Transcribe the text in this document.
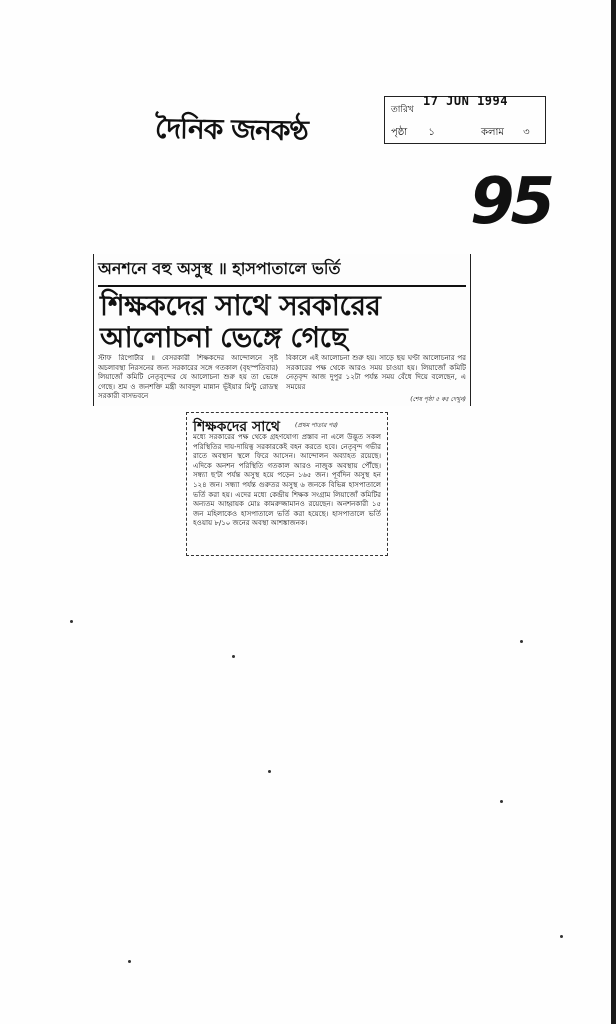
দৈনিক জনকণ্ঠ
তারিখ
17 JUN 1994
পৃষ্ঠা ১	কলাম ৩
95
অনশনে বহু অসুস্থ ॥ হাসপাতালে ভর্তি
শিক্ষকদের সাথে সরকারের
আলোচনা ভেঙ্গে গেছে
স্টাফ রিপোর্টার ॥ বেসরকারী শিক্ষকদের আন্দোলনে সৃষ্ট অচলাবস্থা নিরসনের জন্য সরকারের সঙ্গে গতকাল (বৃহস্পতিবার) লিয়াজোঁ কমিটি নেতৃবৃন্দের যে আলোচনা শুরু হয় তা ভেঙ্গে গেছে। শ্রম ও জনশক্তি মন্ত্রী আবদুল মান্নান ভূঁইয়ার মিন্টু রোডস্থ সরকারী বাসভবনে
বিকালে এই আলোচনা শুরু হয়। সাড়ে ছয় ঘণ্টা আলোচনার পর সরকারের পক্ষ থেকে আরও সময় চাওয়া হয়। লিয়াজোঁ কমিটি নেতৃবৃন্দ আজ দুপুর ১২টা পর্যন্ত সময় বেঁধে দিয়ে বলেছেন, এ সময়ের
(শেষ পৃষ্ঠা ৫ কঃ দেখুন)
শিক্ষকদের সাথে	(প্রথম পাতার পর)
মধ্যে সরকারের পক্ষ থেকে গ্রহণযোগ্য প্রস্তাব না এলে উদ্ভূত সকল পরিস্থিতির দায়-দায়িত্ব সরকারকেই বহন করতে হবে। নেতৃবৃন্দ গভীর রাতে অবস্থান স্থলে ফিরে আসেন। আন্দোলন অব্যাহত রয়েছে। এদিকে অনশন পরিস্থিতি গতকাল আরও নাজুক অবস্থায় পৌঁছে। সন্ধ্যা ছ'টা পর্যন্ত অসুস্থ হয়ে পড়েন ১৬৫ জন। পূর্বদিন অসুস্থ হন ১২৪ জন। সন্ধ্যা পর্যন্ত গুরুতর অসুস্থ ৬ জনকে বিভিন্ন হাসপাতালে ভর্তি করা হয়। এদের মধ্যে কেন্দ্রীয় শিক্ষক সংগ্রাম লিয়াজোঁ কমিটির অন্যতম আহ্বায়ক মোঃ কামরুজ্জামানও রয়েছেন। অনশনকারী ১৫ জন মহিলাকেও হাসপাতালে ভর্তি করা হয়েছে। হাসপাতালে ভর্তি হওয়ায় ৮/১০ জনের অবস্থা আশঙ্কাজনক।
